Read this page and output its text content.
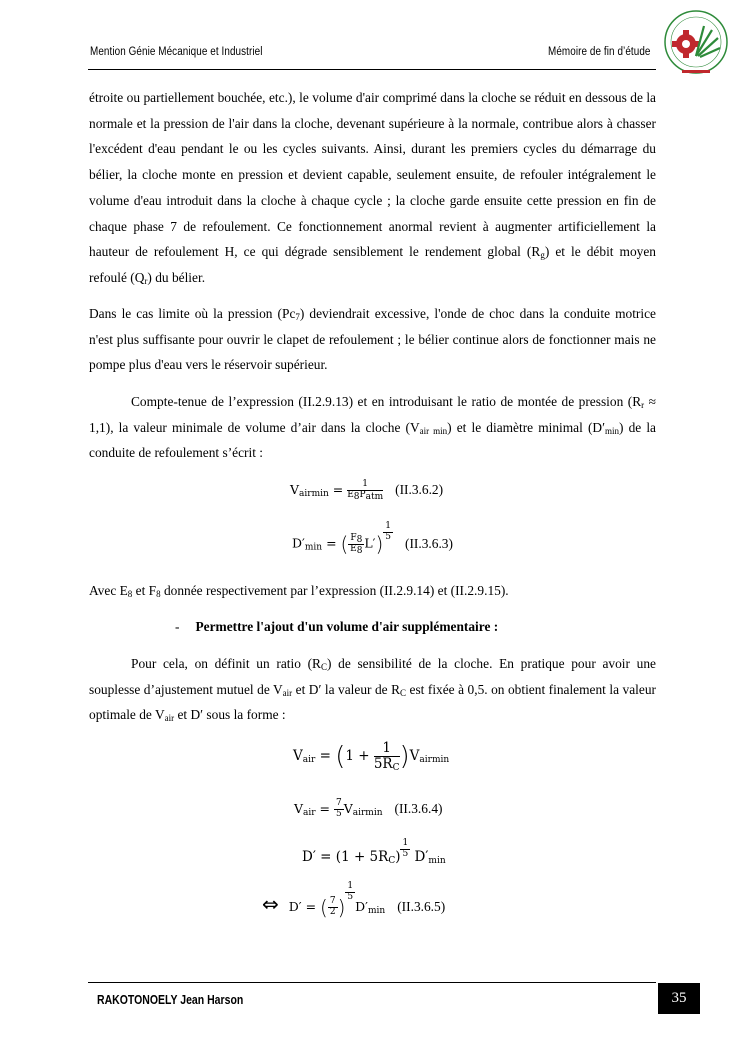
Mention Génie Mécanique et Industriel	Mémoire de fin d’étude
étroite ou partiellement bouchée, etc.), le volume d'air comprimé dans la cloche se réduit en dessous de la normale et la pression de l'air dans la cloche, devenant supérieure à la normale, contribue alors à chasser l'excédent d'eau pendant le ou les cycles suivants. Ainsi, durant les premiers cycles du démarrage du bélier, la cloche monte en pression et devient capable, seulement ensuite, de refouler intégralement le volume d'eau introduit dans la cloche à chaque cycle ; la cloche garde ensuite cette pression en fin de chaque phase 7 de refoulement. Ce fonctionnement anormal revient à augmenter artificiellement la hauteur de refoulement H, ce qui dégrade sensiblement le rendement global $(R_g)$ et le débit moyen refoulé $(Q_r)$ du bélier.
Dans le cas limite où la pression $(Pc_7)$ deviendrait excessive, l'onde de choc dans la conduite motrice n'est plus suffisante pour ouvrir le clapet de refoulement ; le bélier continue alors de fonctionner mais ne pompe plus d'eau vers le réservoir supérieur.
Compte-tenue de l’expression (II.2.9.13) et en introduisant le ratio de montée de pression $(R_r \approx 1,1)$, la valeur minimale de volume d’air dans la cloche $(V_{air min})$ et le diamètre minimal $(D'_{min})$ de la conduite de refoulement s’écrit :
$V_{airmin} = \frac{1}{E_8P_{atm}} (II.3.6.2)$
$D'_{min}$ = ( $\frac{F_8}{E_8} L') \frac{1}{5}$
(II.3.6.3)
Avec $E_8$ et $F_8$ donnée respectivement par l’expression (II.2.9.14) et (II.2.9.15).
- Permettre l'ajout d'un volume d'air supplémentaire :
Pour cela, on définit un ratio $(R_C)$ de sensibilité de la cloche. En pratique pour avoir une souplesse d’ajustement mutuel de $V_{air}$ et D′ la valeur de $R_C$ est fixée à 0,5. on obtient finalement la valeur optimale de $V_{air}$ et D′ sous la forme :
$V_{air} = (1 + \frac{1}{5R_C} )V_{airmin}$
$V_{air} = \frac{7}{5} V_{airmin}$ (II.3.6.4)
$D' = (1 + 5R_C) \frac{1}{5} D'_{min}$
⇔ D′ = ( $\frac{7}{2}$ )
$\frac{1}{5}$
$D'_{min}$ (II.3.6.5)
RAKOTONOELY Jean Harson	35
